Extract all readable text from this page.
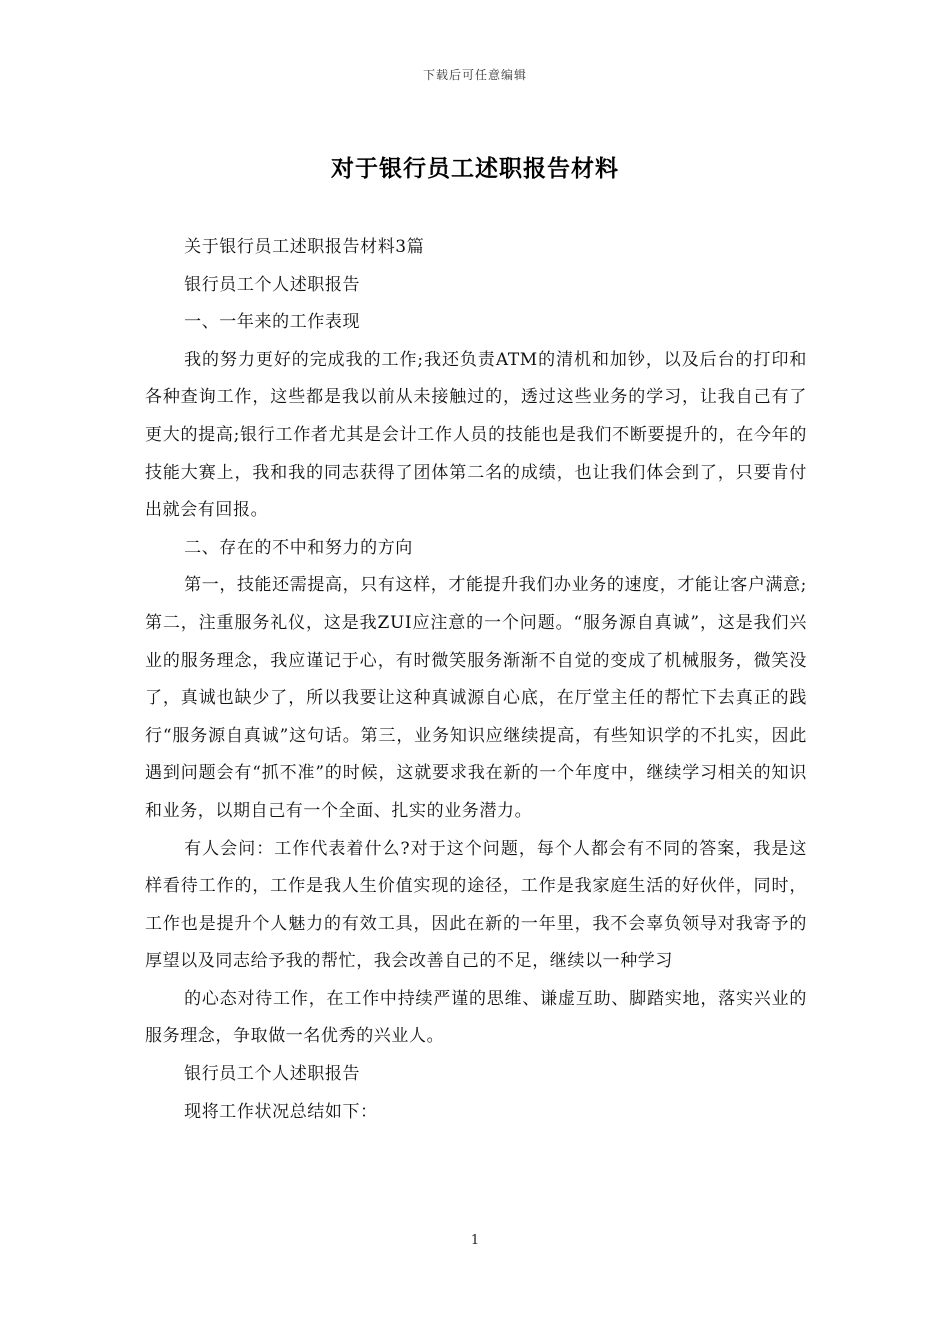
下载后可任意编辑
对于银行员工述职报告材料

关于银行员工述职报告材料3篇

银行员工个人述职报告

一、一年来的工作表现

我的努力更好的完成我的工作;我还负责ATM的清机和加钞，以及后台的打印和各种查询工作，这些都是我以前从未接触过的，透过这些业务的学习，让我自己有了更大的提高;银行工作者尤其是会计工作人员的技能也是我们不断要提升的，在今年的技能大赛上，我和我的同志获得了团体第二名的成绩，也让我们体会到了，只要肯付出就会有回报。

二、存在的不中和努力的方向

第一，技能还需提高，只有这样，才能提升我们办业务的速度，才能让客户满意;第二，注重服务礼仪，这是我ZUI应注意的一个问题。“服务源自真诚”，这是我们兴业的服务理念，我应谨记于心，有时微笑服务渐渐不自觉的变成了机械服务，微笑没了，真诚也缺少了，所以我要让这种真诚源自心底，在厅堂主任的帮忙下去真正的践行“服务源自真诚”这句话。第三，业务知识应继续提高，有些知识学的不扎实，因此遇到问题会有“抓不准”的时候，这就要求我在新的一个年度中，继续学习相关的知识和业务，以期自己有一个全面、扎实的业务潜力。

有人会问：工作代表着什么?对于这个问题，每个人都会有不同的答案，我是这样看待工作的，工作是我人生价值实现的途径，工作是我家庭生活的好伙伴，同时，工作也是提升个人魅力的有效工具，因此在新的一年里，我不会辜负领导对我寄予的厚望以及同志给予我的帮忙，我会改善自己的不足，继续以一种学习

的心态对待工作，在工作中持续严谨的思维、谦虚互助、脚踏实地，落实兴业的服务理念，争取做一名优秀的兴业人。

银行员工个人述职报告

现将工作状况总结如下：

1
